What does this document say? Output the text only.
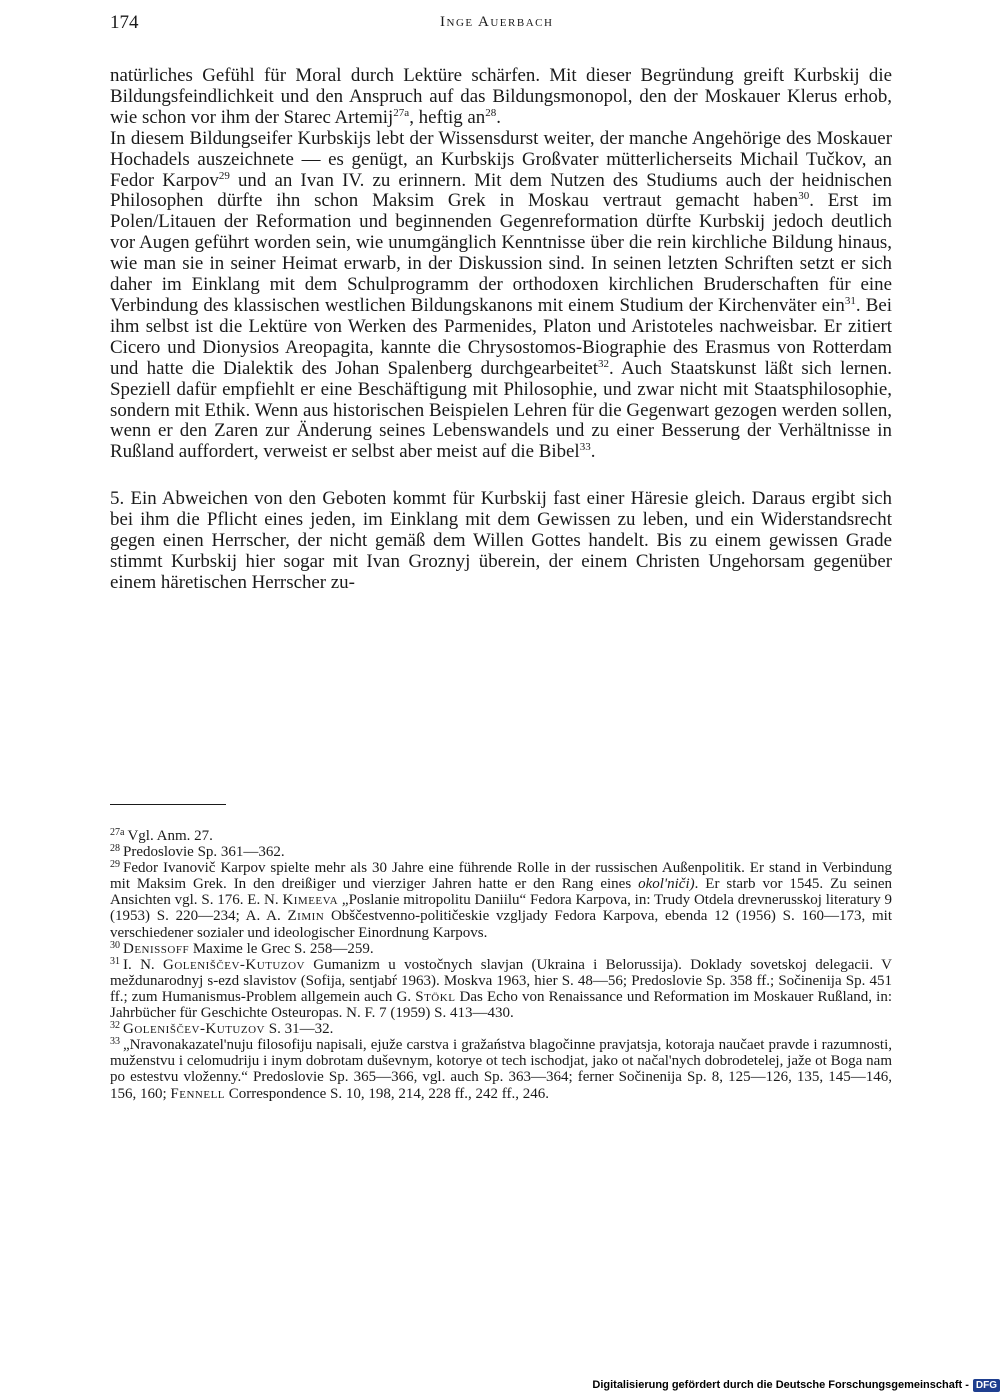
174	Inge Auerbach

natürliches Gefühl für Moral durch Lektüre schärfen. Mit dieser Begründung greift Kurbskij die Bildungsfeindlichkeit und den Anspruch auf das Bildungsmonopol, den der Moskauer Klerus erhob, wie schon vor ihm der Starec Artemij$^{27a}$, heftig $an^{28}$.

In diesem Bildungseifer Kurbskijs lebt der Wissensdurst weiter, der manche Angehörige des Moskauer Hochadels auszeichnete — es genügt, an Kurbskijs Großvater mütterlicherseits Michail Tučkov, an Fedor Karpov$^{29}$ und an Ivan IV. zu erinnern. Mit dem Nutzen des Studiums auch der heidnischen Philosophen dürfte ihn schon Maksim Grek in Moskau vertraut gemacht haben$^{30}$. Erst im Polen/Litauen der Reformation und beginnenden Gegenreformation dürfte Kurbskij jedoch deutlich vor Augen geführt worden sein, wie unumgänglich Kenntnisse über die rein kirchliche Bildung hinaus, wie man sie in seiner Heimat erwarb, in der Diskussion sind. In seinen letzten Schriften setzt er sich daher im Einklang mit dem Schulprogramm der orthodoxen kirchlichen Bruderschaften für eine Verbindung des klassischen westlichen Bildungskanons mit einem Studium der Kirchenväter ein$^{31}$. Bei ihm selbst ist die Lektüre von Werken des Parmenides, Platon und Aristoteles nachweisbar. Er zitiert Cicero und Dionysios Areopagita, kannte die Chrysostomos-Biographie des Erasmus von Rotterdam und hatte die Dialektik des Johan Spalenberg durchgearbeitet$^{32}$. Auch Staatskunst läßt sich lernen. Speziell dafür empfiehlt er eine Beschäftigung mit Philosophie, und zwar nicht mit Staatsphilosophie, sondern mit Ethik. Wenn aus historischen Beispielen Lehren für die Gegenwart gezogen werden sollen, wenn er den Zaren zur Änderung seines Lebenswandels und zu einer Besserung der Verhältnisse in Rußland auffordert, verweist er selbst aber meist auf die Bibel$^{33}$.

5. Ein Abweichen von den Geboten kommt für Kurbskij fast einer Häresie gleich. Daraus ergibt sich bei ihm die Pflicht eines jeden, im Einklang mit dem Gewissen zu leben, und ein Widerstandsrecht gegen einen Herrscher, der nicht gemäß dem Willen Gottes handelt. Bis zu einem gewissen Grade stimmt Kurbskij hier sogar mit Ivan Groznyj überein, der einem Christen Ungehorsam gegenüber einem häretischen Herrscher zu-

$^{27a}$ Vgl. Anm. 27.

$^{28}$ Predoslovie Sp. 361—362.

$^{29}$ Fedor Ivanovič Karpov spielte mehr als 30 Jahre eine führende Rolle in der russischen Außenpolitik. Er stand in Verbindung mit Maksim Grek. In den dreißiger und vierziger Jahren hatte er den Rang eines okol'niči). Er starb vor 1545. Zu seinen Ansichten vgl. S. 176. E. N. Kimeeva „Poslanie mitropolitu Daniilu“ Fedora Karpova, in: Trudy Otdela drevnerusskoj literatury 9 (1953) S. 220—234; A. A. Zimin Obščestvenno-političeskie vzgljady Fedora Karpova, ebenda 12 (1956) S. 160—173, mit verschiedener sozialer und ideologischer Einordnung Karpovs.

$^{30}$ Denissoff Maxime le Grec S. 258—259.

$^{31}$ I. N. Goleniščev-Kutuzov Gumanizm u vostočnych slavjan (Ukraina i Belorussija). Doklady sovetskoj delegacii. V meždunarodnyj s-ezd slavistov (Sofija, sentjabŕ 1963). Moskva 1963, hier S. 48—56; Predoslovie Sp. 358 ff.; Sočinenija Sp. 451 ff.; zum Humanismus-Problem allgemein auch G. Stökl Das Echo von Renaissance und Reformation im Moskauer Rußland, in: Jahrbücher für Geschichte Osteuropas. N. F. 7 (1959) S. 413—430.

$^{32}$ Goleniščev-Kutuzov S. 31—32.

$^{33}$ „Nravonakazatel'nuju filosofiju napisali, ejuže carstva i gražaństva blagočinne pravjatsja, kotoraja naučaet pravde i razumnosti, muženstvu i celomudriju i inym dobrotam duševnym, kotorye ot tech ischodjat, jako ot načal'nych dobrodetelej, jaže ot Boga nam po estestvu vloženny.“ Predoslovie Sp. 365—366, vgl. auch Sp. 363—364; ferner Sočinenija Sp. 8, 125—126, 135, 145—146, 156, 160; Fennell Correspondence S. 10, 198, 214, 228 ff., 242 ff., 246.

Digitalisierung gefördert durch die Deutsche Forschungsgemeinschaft - DFG
